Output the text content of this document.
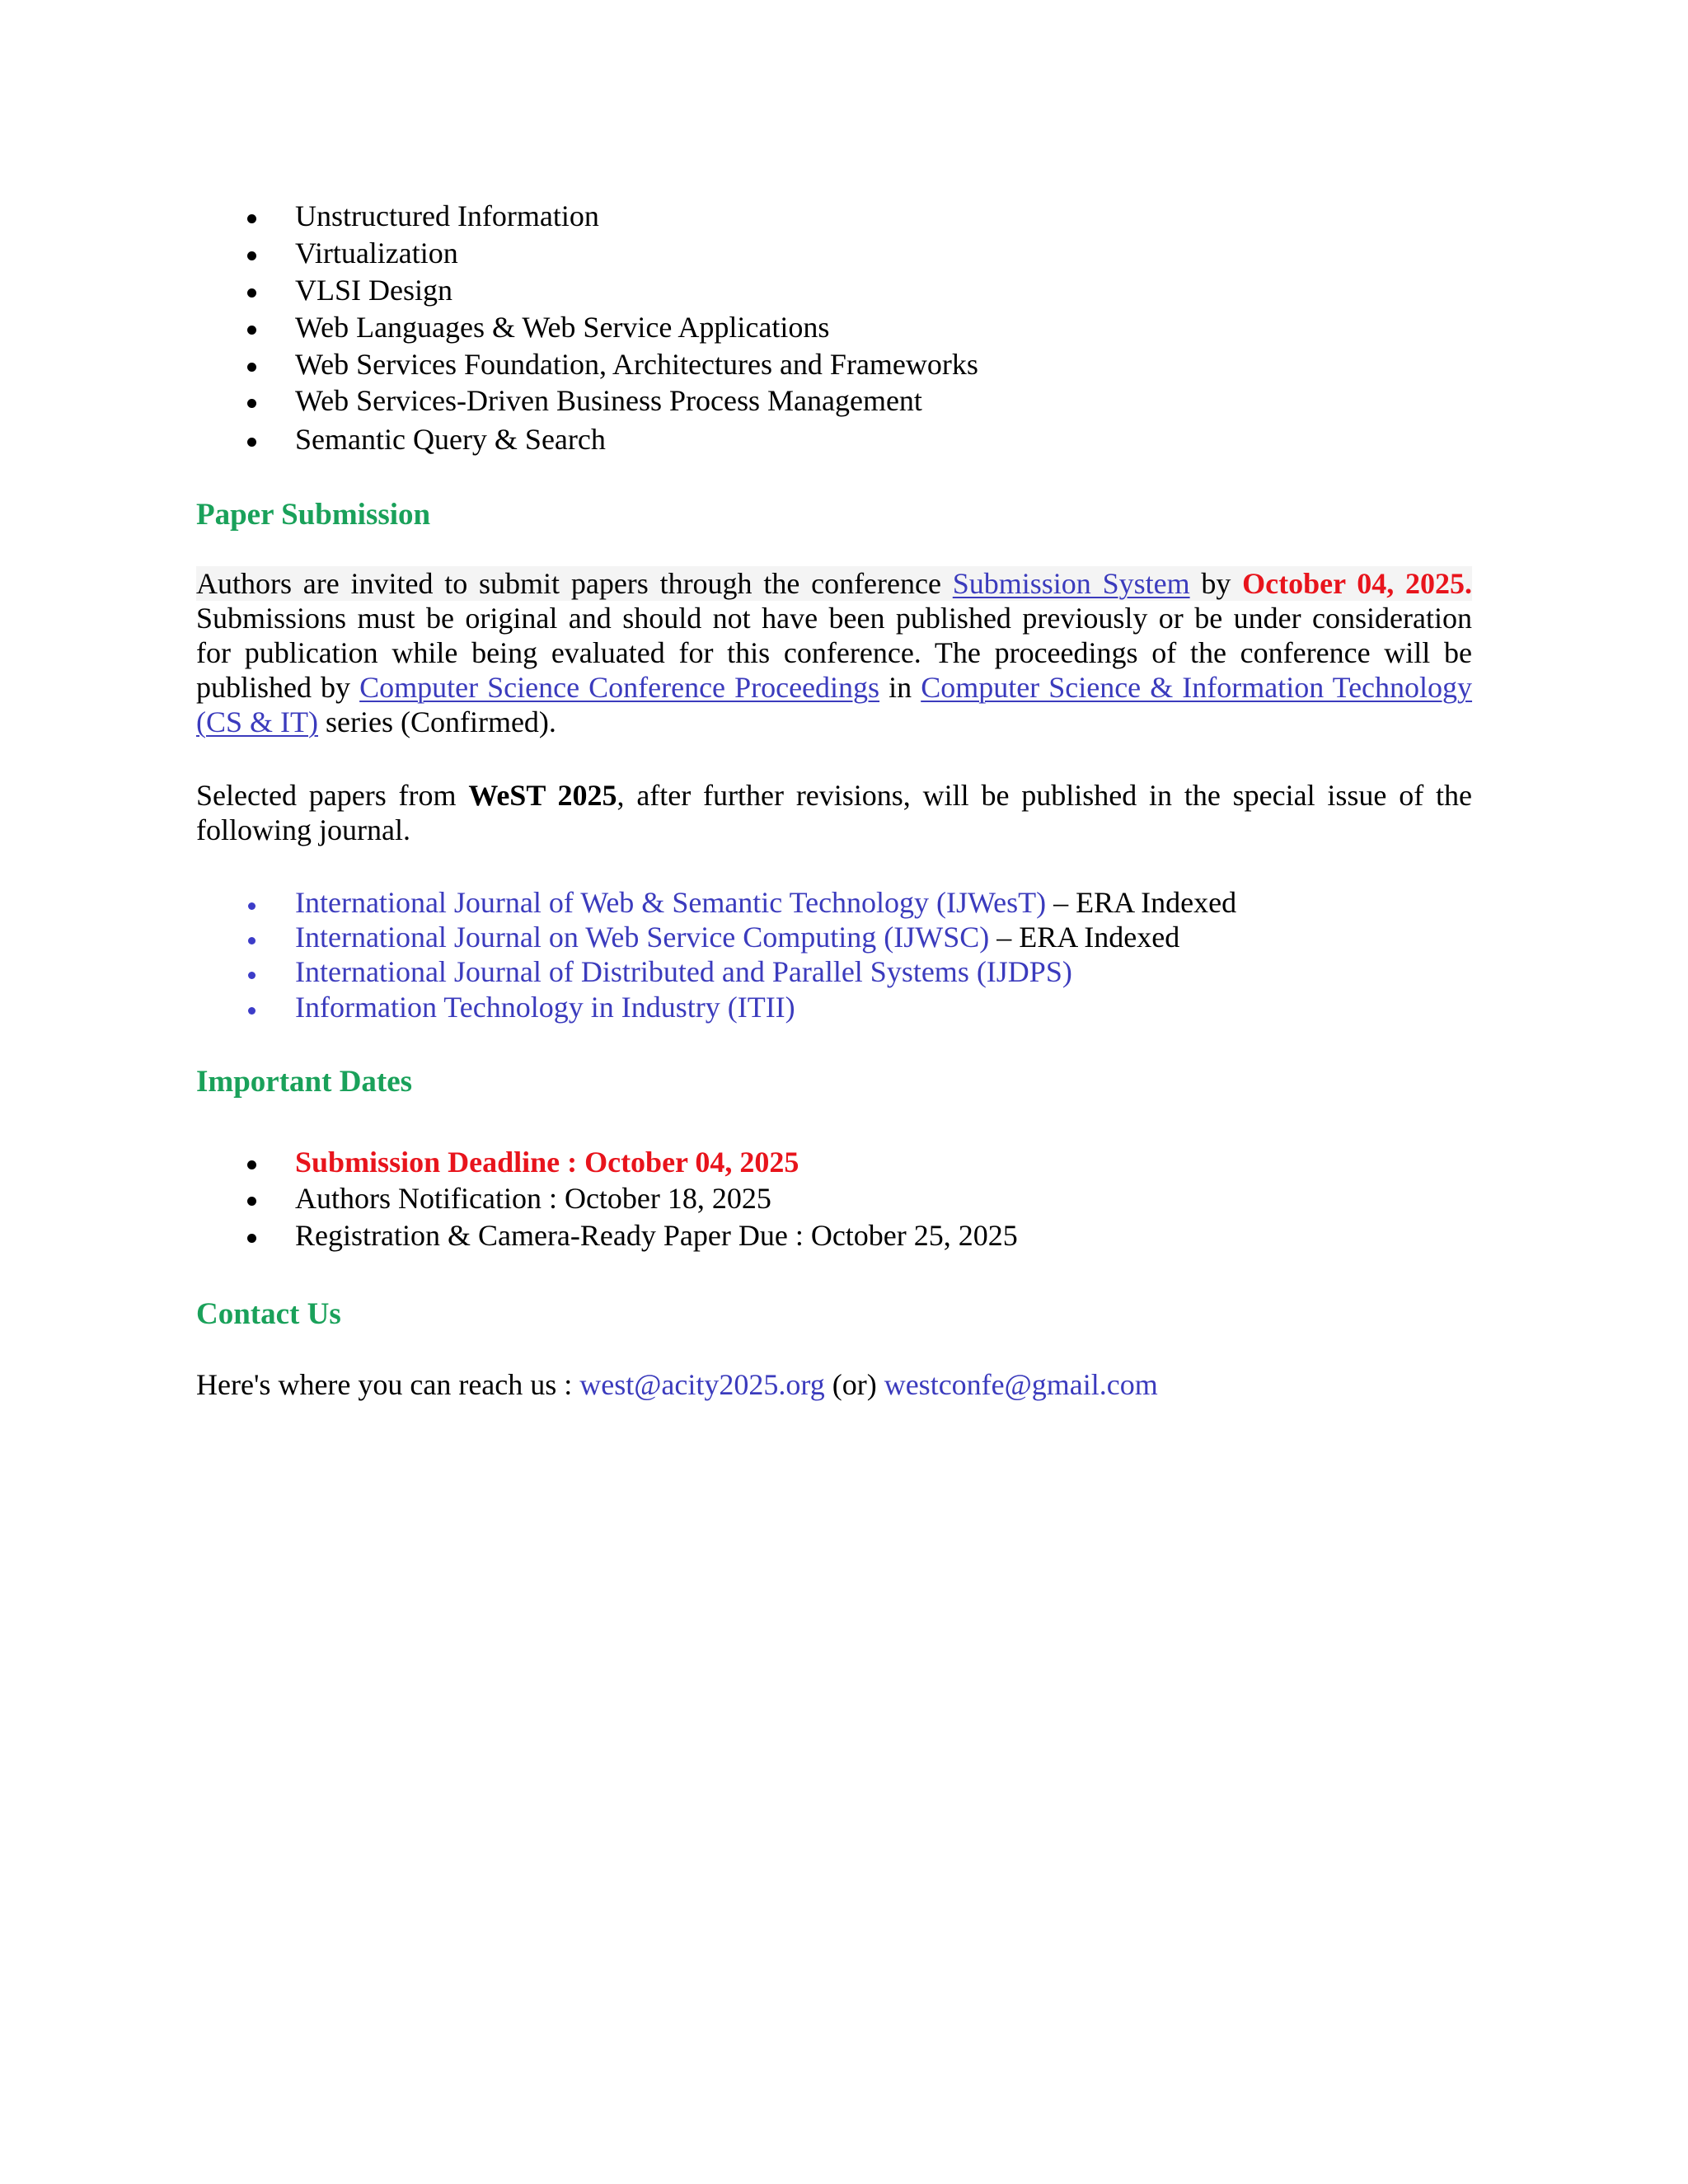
Unstructured Information
Virtualization
VLSI Design
Web Languages & Web Service Applications
Web Services Foundation, Architectures and Frameworks
Web Services-Driven Business Process Management
Semantic Query & Search
Paper Submission
Authors are invited to submit papers through the conference Submission System by October 04, 2025.
Submissions must be original and should not have been published previously or be under consideration
for publication while being evaluated for this conference. The proceedings of the conference will be
published by Computer Science Conference Proceedings in Computer Science & Information Technology
(CS & IT) series (Confirmed).
Selected papers from WeST 2025, after further revisions, will be published in the special issue of the
following journal.
International Journal of Web & Semantic Technology (IJWesT) – ERA Indexed
International Journal on Web Service Computing (IJWSC) – ERA Indexed
International Journal of Distributed and Parallel Systems (IJDPS)
Information Technology in Industry (ITII)
Important Dates
Submission Deadline : October 04, 2025
Authors Notification : October 18, 2025
Registration & Camera-Ready Paper Due : October 25, 2025
Contact Us
Here's where you can reach us : west@acity2025.org (or) westconfe@gmail.com
